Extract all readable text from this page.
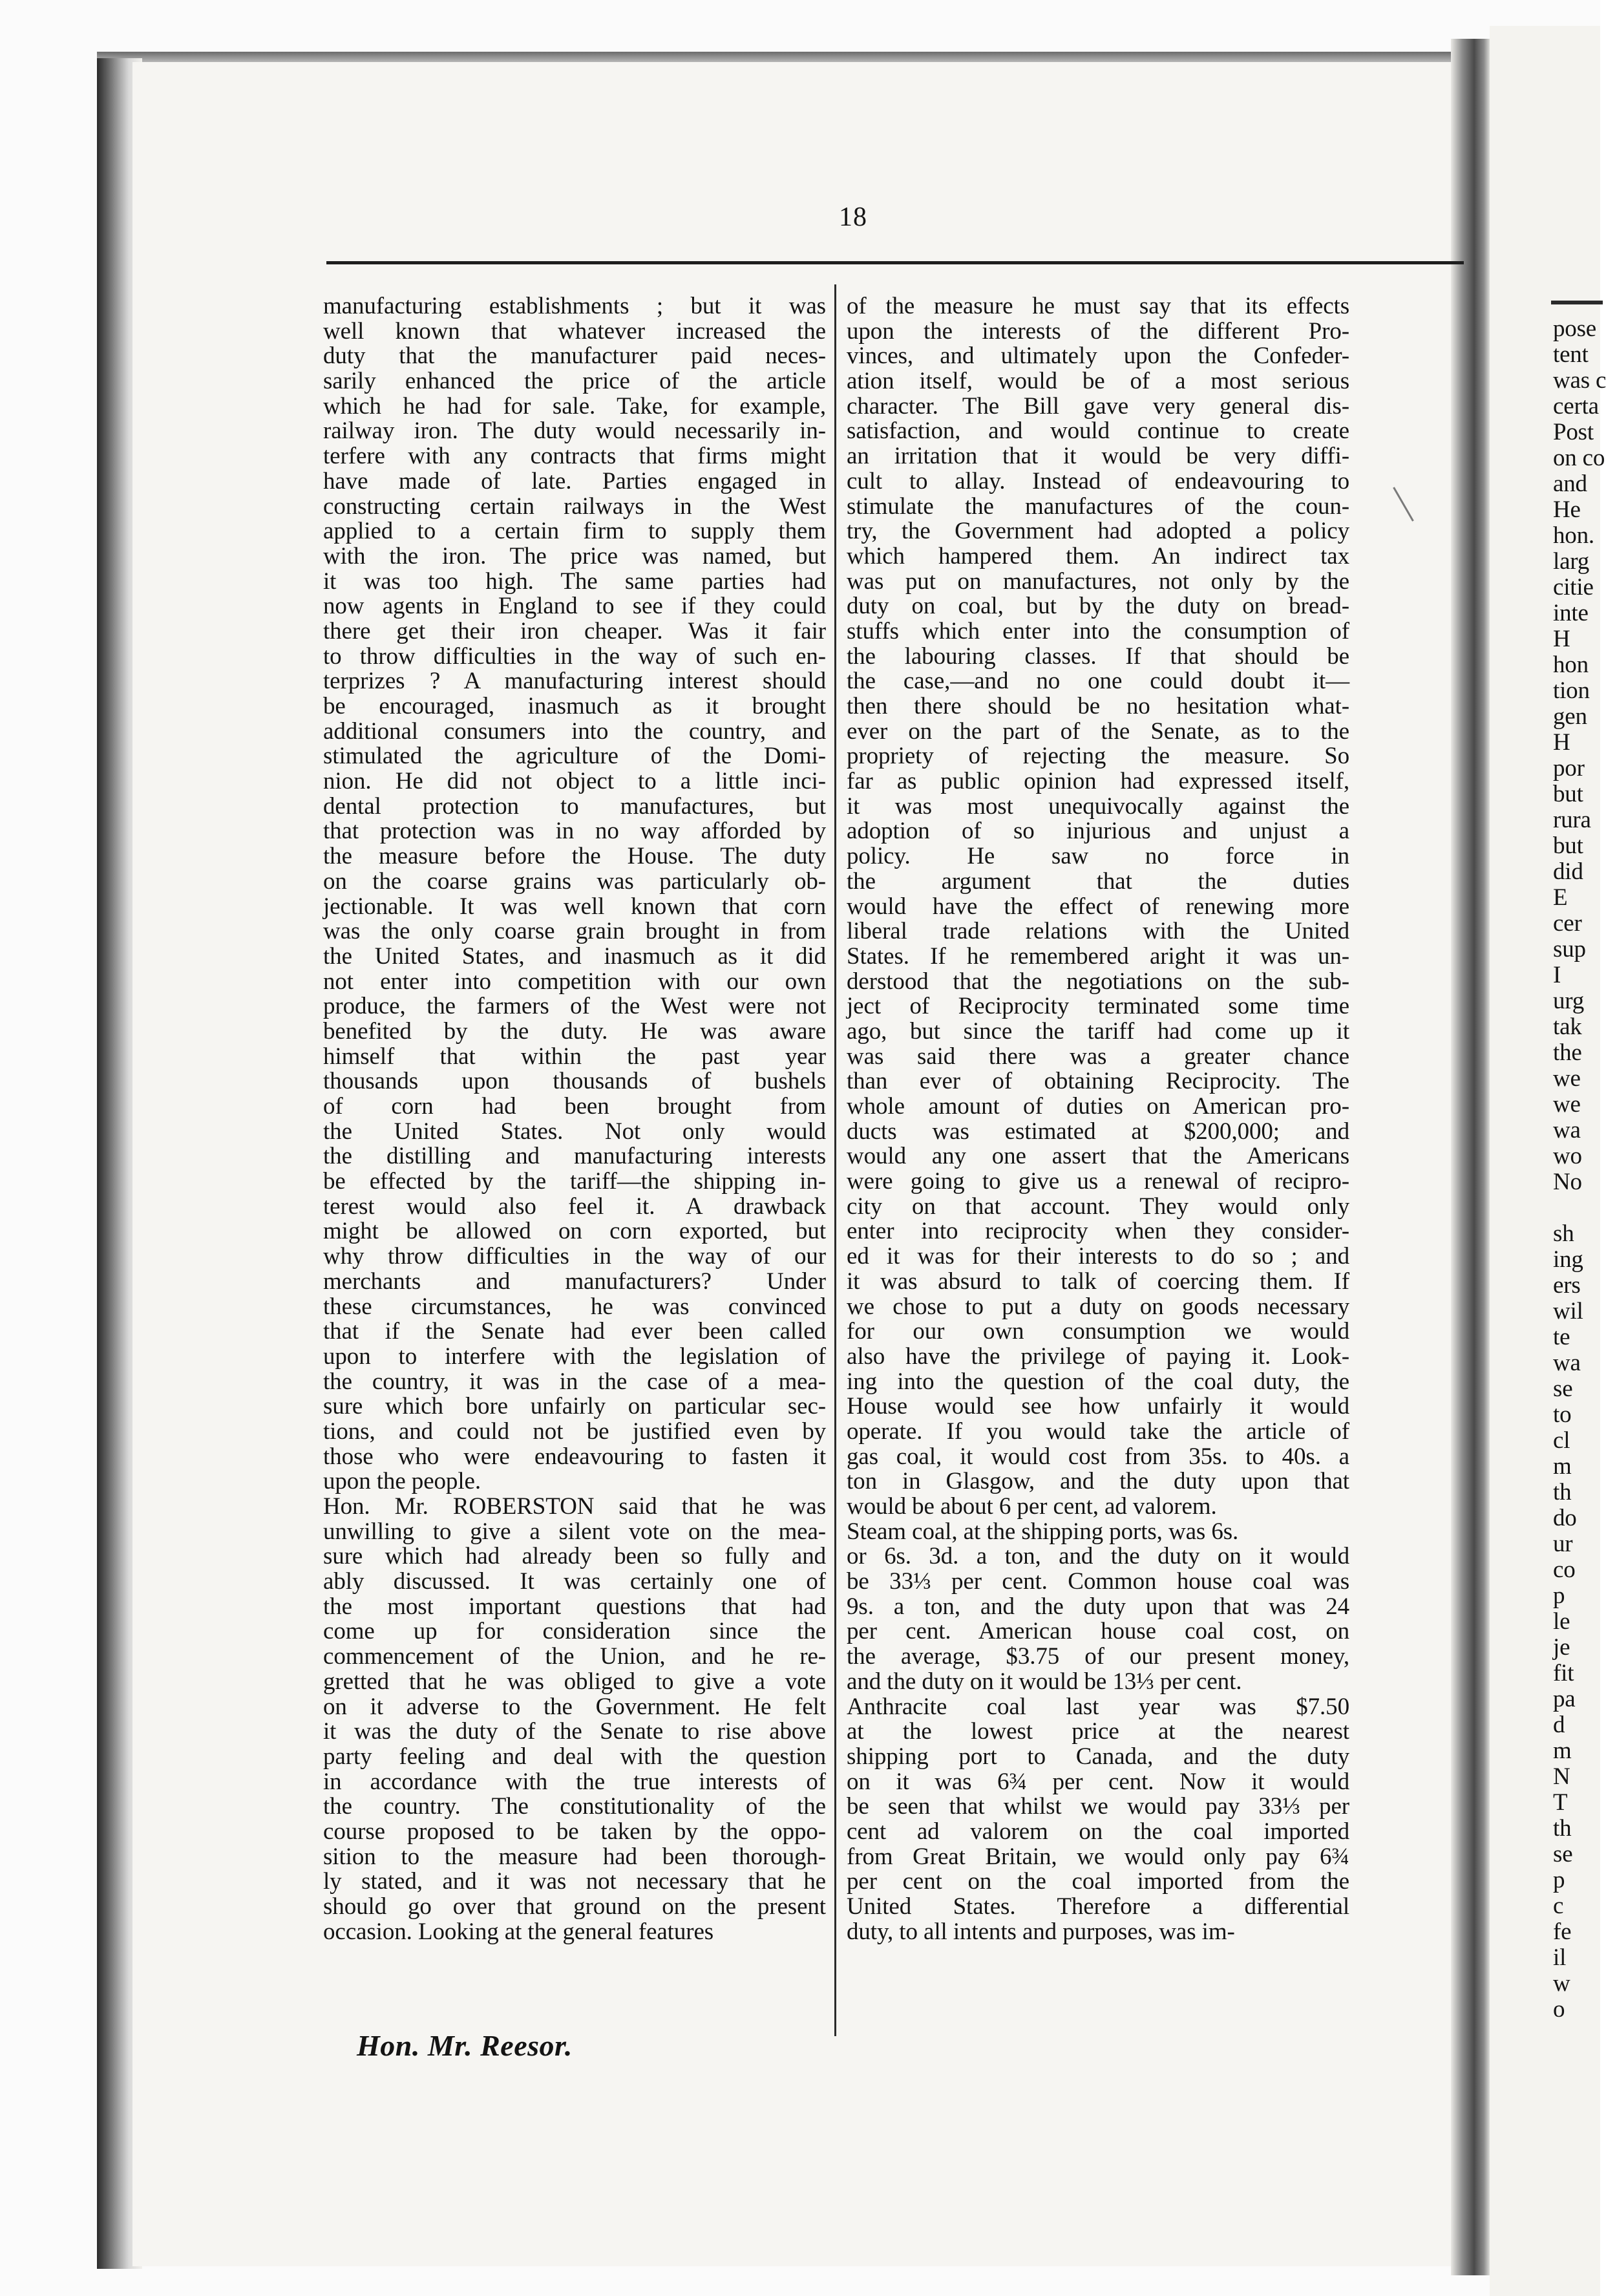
pose
tent
was c
certa
Post
on co
and
He
hon.
larg
citie
inte
H
hon
tion
gen
H
por
but
rura
but
did
E
cer
sup
I
urg
tak
the
we
we
wa
wo
No
sh
ing
ers
wil
te
wa
se
to
cl
m
th
do
ur
co
p
le
je
fit
pa
d
m
N
T
th
se
p
c
fe
il
w
o
18
manufacturing establishments ; but it was
well known that whatever increased the
duty that the manufacturer paid neces-
sarily enhanced the price of the article
which he had for sale. Take, for example,
railway iron. The duty would necessarily in-
terfere with any contracts that firms might
have made of late. Parties engaged in
constructing certain railways in the West
applied to a certain firm to supply them
with the iron. The price was named, but
it was too high. The same parties had
now agents in England to see if they could
there get their iron cheaper. Was it fair
to throw difficulties in the way of such en-
terprizes ? A manufacturing interest should
be encouraged, inasmuch as it brought
additional consumers into the country, and
stimulated the agriculture of the Domi-
nion. He did not object to a little inci-
dental protection to manufactures, but
that protection was in no way afforded by
the measure before the House. The duty
on the coarse grains was particularly ob-
jectionable. It was well known that corn
was the only coarse grain brought in from
the United States, and inasmuch as it did
not enter into competition with our own
produce, the farmers of the West were not
benefited by the duty. He was aware
himself that within the past year
thousands upon thousands of bushels
of corn had been brought from
the United States. Not only would
the distilling and manufacturing interests
be effected by the tariff—the shipping in-
terest would also feel it. A drawback
might be allowed on corn exported, but
why throw difficulties in the way of our
merchants and manufacturers? Under
these circumstances, he was convinced
that if the Senate had ever been called
upon to interfere with the legislation of
the country, it was in the case of a mea-
sure which bore unfairly on particular sec-
tions, and could not be justified even by
those who were endeavouring to fasten it
upon the people.
Hon. Mr. ROBERSTON said that he was
unwilling to give a silent vote on the mea-
sure which had already been so fully and
ably discussed. It was certainly one of
the most important questions that had
come up for consideration since the
commencement of the Union, and he re-
gretted that he was obliged to give a vote
on it adverse to the Government. He felt
it was the duty of the Senate to rise above
party feeling and deal with the question
in accordance with the true interests of
the country. The constitutionality of the
course proposed to be taken by the oppo-
sition to the measure had been thorough-
ly stated, and it was not necessary that he
should go over that ground on the present
occasion. Looking at the general features
of the measure he must say that its effects
upon the interests of the different Pro-
vinces, and ultimately upon the Confeder-
ation itself, would be of a most serious
character. The Bill gave very general dis-
satisfaction, and would continue to create
an irritation that it would be very diffi-
cult to allay. Instead of endeavouring to
stimulate the manufactures of the coun-
try, the Government had adopted a policy
which hampered them. An indirect tax
was put on manufactures, not only by the
duty on coal, but by the duty on bread-
stuffs which enter into the consumption of
the labouring classes. If that should be
the case,—and no one could doubt it—
then there should be no hesitation what-
ever on the part of the Senate, as to the
propriety of rejecting the measure. So
far as public opinion had expressed itself,
it was most unequivocally against the
adoption of so injurious and unjust a
policy. He saw no force in
the argument that the duties
would have the effect of renewing more
liberal trade relations with the United
States. If he remembered aright it was un-
derstood that the negotiations on the sub-
ject of Reciprocity terminated some time
ago, but since the tariff had come up it
was said there was a greater chance
than ever of obtaining Reciprocity. The
whole amount of duties on American pro-
ducts was estimated at $200,000; and
would any one assert that the Americans
were going to give us a renewal of recipro-
city on that account. They would only
enter into reciprocity when they consider-
ed it was for their interests to do so ; and
it was absurd to talk of coercing them. If
we chose to put a duty on goods necessary
for our own consumption we would
also have the privilege of paying it. Look-
ing into the question of the coal duty, the
House would see how unfairly it would
operate. If you would take the article of
gas coal, it would cost from 35s. to 40s. a
ton in Glasgow, and the duty upon that
would be about 6 per cent, ad valorem.
Steam coal, at the shipping ports, was 6s.
or 6s. 3d. a ton, and the duty on it would
be 33⅓ per cent. Common house coal was
9s. a ton, and the duty upon that was 24
per cent. American house coal cost, on
the average, $3.75 of our present money,
and the duty on it would be 13⅓ per cent.
Anthracite coal last year was $7.50
at the lowest price at the nearest
shipping port to Canada, and the duty
on it was 6¾ per cent. Now it would
be seen that whilst we would pay 33⅓ per
cent ad valorem on the coal imported
from Great Britain, we would only pay 6¾
per cent on the coal imported from the
United States. Therefore a differential
duty, to all intents and purposes, was im-
Hon. Mr. Reesor.
